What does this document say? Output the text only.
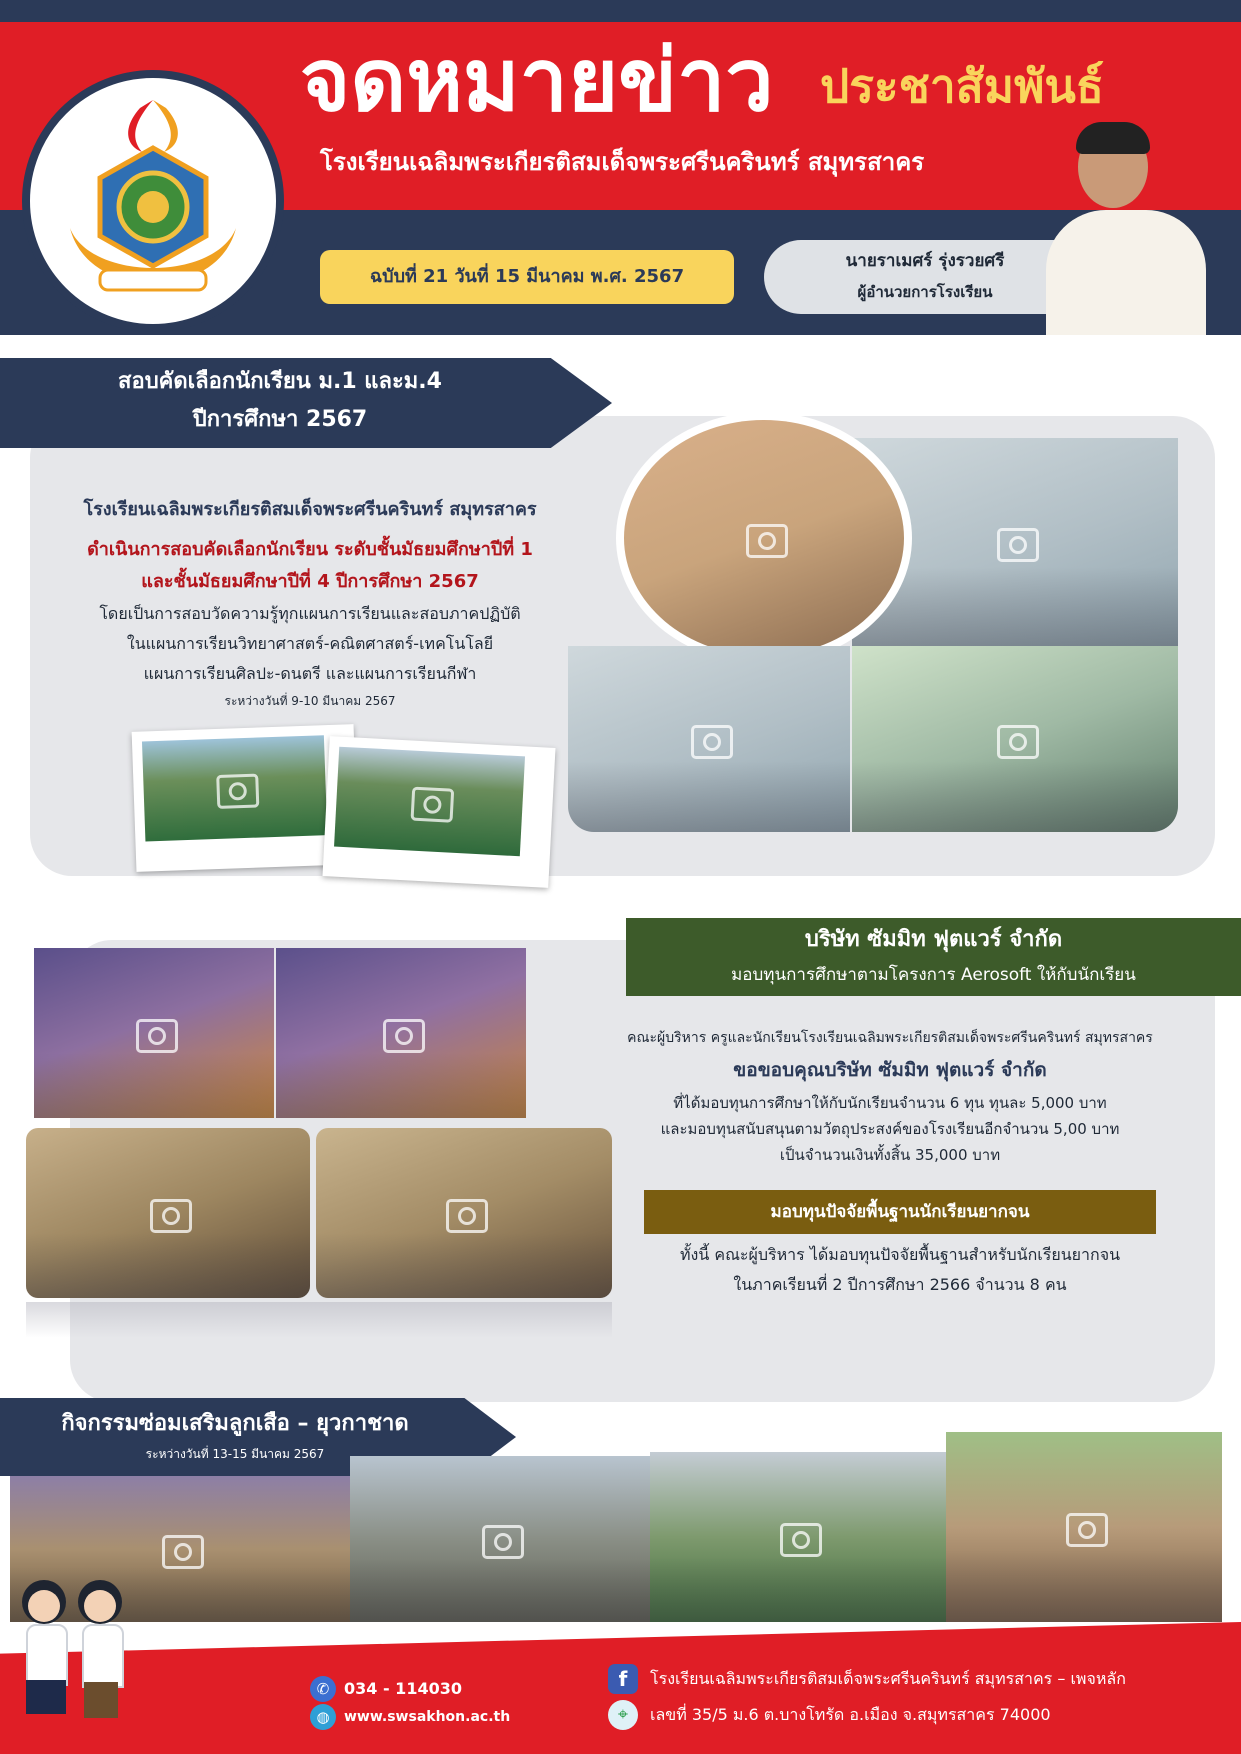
จดหมายข่าว	ประชาสัมพันธ์
โรงเรียนเฉลิมพระเกียรติสมเด็จพระศรีนครินทร์ สมุทรสาคร
ฉบับที่ 21 วันที่ 15 มีนาคม พ.ศ. 2567
นายราเมศร์ รุ่งรวยศรี
ผู้อำนวยการโรงเรียน
สอบคัดเลือกนักเรียน ม.1 และม.4
ปีการศึกษา 2567
โรงเรียนเฉลิมพระเกียรติสมเด็จพระศรีนครินทร์ สมุทรสาคร
ดำเนินการสอบคัดเลือกนักเรียน ระดับชั้นมัธยมศึกษาปีที่ 1
และชั้นมัธยมศึกษาปีที่ 4 ปีการศึกษา 2567
โดยเป็นการสอบวัดความรู้ทุกแผนการเรียนและสอบภาคปฏิบัติ
ในแผนการเรียนวิทยาศาสตร์-คณิตศาสตร์-เทคโนโลยี
แผนการเรียนศิลปะ-ดนตรี และแผนการเรียนกีฬา
ระหว่างวันที่ 9-10 มีนาคม 2567
บริษัท ซัมมิท ฟุตแวร์ จำกัด
มอบทุนการศึกษาตามโครงการ Aerosoft ให้กับนักเรียน
คณะผู้บริหาร ครูและนักเรียนโรงเรียนเฉลิมพระเกียรติสมเด็จพระศรีนครินทร์ สมุทรสาคร
ขอขอบคุณบริษัท ซัมมิท ฟุตแวร์ จำกัด
ที่ได้มอบทุนการศึกษาให้กับนักเรียนจำนวน 6 ทุน ทุนละ 5,000 บาท
และมอบทุนสนับสนุนตามวัตถุประสงค์ของโรงเรียนอีกจำนวน 5,00 บาท
เป็นจำนวนเงินทั้งสิ้น 35,000 บาท
มอบทุนปัจจัยพื้นฐานนักเรียนยากจน
ทั้งนี้ คณะผู้บริหาร ได้มอบทุนปัจจัยพื้นฐานสำหรับนักเรียนยากจน
ในภาคเรียนที่ 2 ปีการศึกษา 2566 จำนวน 8 คน
กิจกรรมซ่อมเสริมลูกเสือ – ยุวกาชาด
ระหว่างวันที่ 13-15 มีนาคม 2567
✆ 034 - 114030
◍	www.swsakhon.ac.th
f	โรงเรียนเฉลิมพระเกียรติสมเด็จพระศรีนครินทร์ สมุทรสาคร – เพจหลัก
⌖	เลขที่ 35/5 ม.6 ต.บางโทรัด อ.เมือง จ.สมุทรสาคร 74000
